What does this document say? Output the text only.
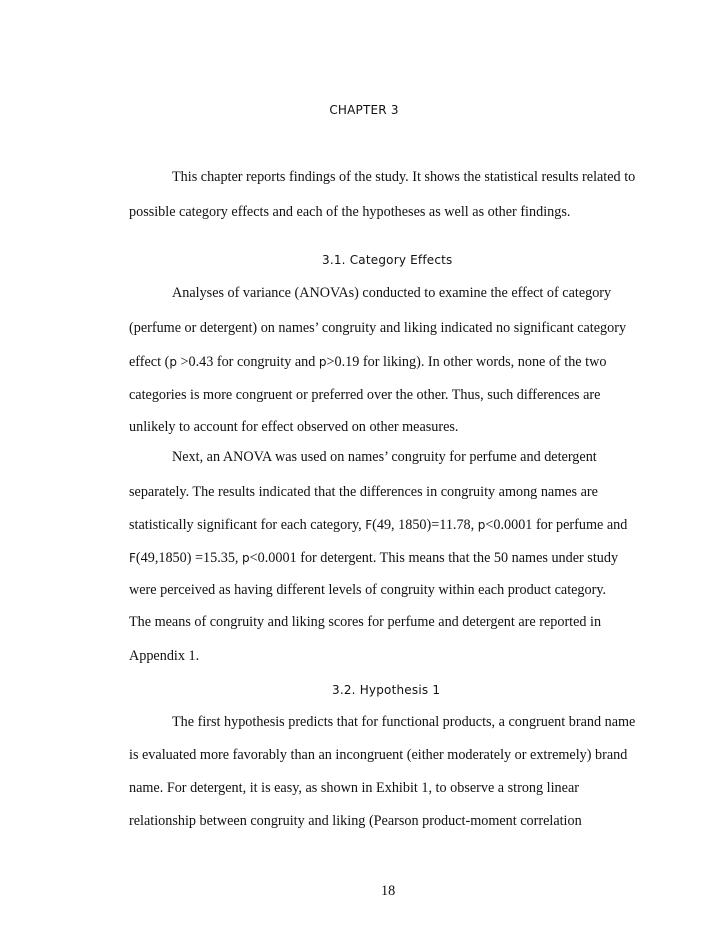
CHAPTER 3
This chapter reports findings of the study. It shows the statistical results related to
possible category effects and each of the hypotheses as well as other findings.
3.1. Category Effects
Analyses of variance (ANOVAs) conducted to examine the effect of category
(perfume or detergent) on names’ congruity and liking indicated no significant category
effect (p >0.43 for congruity and p>0.19 for liking). In other words, none of the two
categories is more congruent or preferred over the other. Thus, such differences are
unlikely to account for effect observed on other measures.
Next, an ANOVA was used on names’ congruity for perfume and detergent
separately. The results indicated that the differences in congruity among names are
statistically significant for each category, F(49, 1850)=11.78, p<0.0001 for perfume and
F(49,1850) =15.35, p<0.0001 for detergent. This means that the 50 names under study
were perceived as having different levels of congruity within each product category.
The means of congruity and liking scores for perfume and detergent are reported in
Appendix 1.
3.2. Hypothesis 1
The first hypothesis predicts that for functional products, a congruent brand name
is evaluated more favorably than an incongruent (either moderately or extremely) brand
name. For detergent, it is easy, as shown in Exhibit 1, to observe a strong linear
relationship between congruity and liking (Pearson product-moment correlation
18
